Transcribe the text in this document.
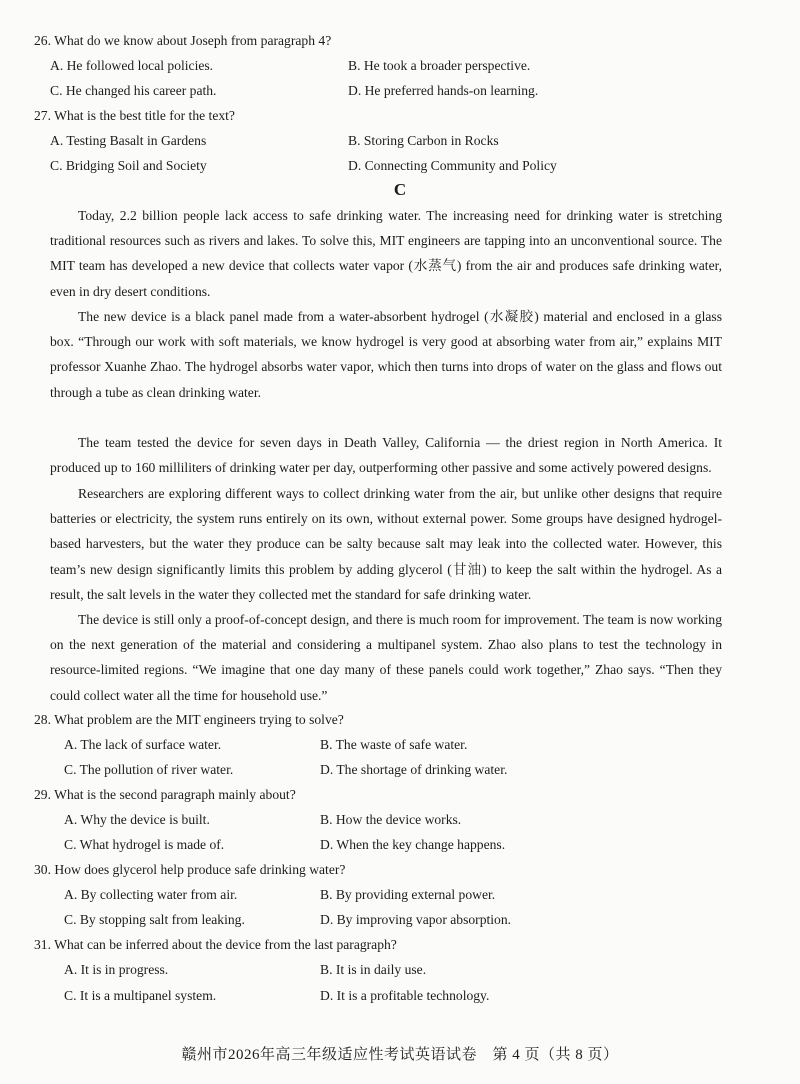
26. What do we know about Joseph from paragraph 4?
A. He followed local policies.	B. He took a broader perspective.
C. He changed his career path.	D. He preferred hands-on learning.
27. What is the best title for the text?
A. Testing Basalt in Gardens	B. Storing Carbon in Rocks
C. Bridging Soil and Society	D. Connecting Community and Policy
C

Today, 2.2 billion people lack access to safe drinking water. The increasing need for drinking water is stretching traditional resources such as rivers and lakes. To solve this, MIT engineers are tapping into an unconventional source. The MIT team has developed a new device that collects water vapor (水蒸气) from the air and produces safe drinking water, even in dry desert conditions.

The new device is a black panel made from a water-absorbent hydrogel (水凝胶) material and enclosed in a glass box. “Through our work with soft materials, we know hydrogel is very good at absorbing water from air,” explains MIT professor Xuanhe Zhao. The hydrogel absorbs water vapor, which then turns into drops of water on the glass and flows out through a tube as clean drinking water.

The team tested the device for seven days in Death Valley, California — the driest region in North America. It produced up to 160 milliliters of drinking water per day, outperforming other passive and some actively powered designs.

Researchers are exploring different ways to collect drinking water from the air, but unlike other designs that require batteries or electricity, the system runs entirely on its own, without external power. Some groups have designed hydrogel-based harvesters, but the water they produce can be salty because salt may leak into the collected water. However, this team’s new design significantly limits this problem by adding glycerol (甘油) to keep the salt within the hydrogel. As a result, the salt levels in the water they collected met the standard for safe drinking water.

The device is still only a proof-of-concept design, and there is much room for improvement. The team is now working on the next generation of the material and considering a multipanel system. Zhao also plans to test the technology in resource-limited regions. “We imagine that one day many of these panels could work together,” Zhao says. “Then they could collect water all the time for household use.”

28. What problem are the MIT engineers trying to solve?
A. The lack of surface water.	B. The waste of safe water.
C. The pollution of river water.	D. The shortage of drinking water.
29. What is the second paragraph mainly about?
A. Why the device is built.	B. How the device works.
C. What hydrogel is made of.	D. When the key change happens.
30. How does glycerol help produce safe drinking water?
A. By collecting water from air.	B. By providing external power.
C. By stopping salt from leaking.	D. By improving vapor absorption.
31. What can be inferred about the device from the last paragraph?
A. It is in progress.	B. It is in daily use.
C. It is a multipanel system.	D. It is a profitable technology.
赣州市2026年高三年级适应性考试英语试卷　第 4 页（共 8 页）
